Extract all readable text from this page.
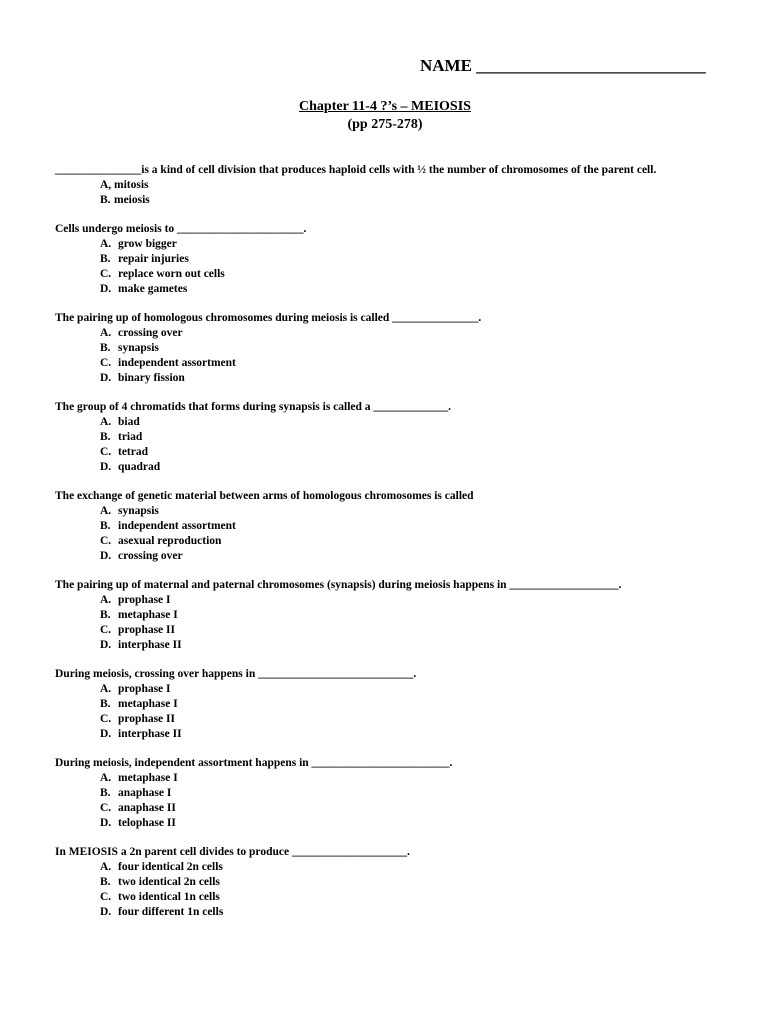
NAME ___________________________
Chapter 11-4 ?’s – MEIOSIS
(pp 275-278)
_______________is a kind of cell division that produces haploid cells with ½ the number of chromosomes of the parent cell.
A, mitosis
B. meiosis
Cells undergo meiosis to ______________________.
A. grow bigger
B. repair injuries
C. replace worn out cells
D. make gametes
The pairing up of homologous chromosomes during meiosis is called _______________.
A. crossing over
B. synapsis
C. independent assortment
D. binary fission
The group of 4 chromatids that forms during synapsis is called a _____________.
A. biad
B. triad
C. tetrad
D. quadrad
The exchange of genetic material between arms of homologous chromosomes is called
A. synapsis
B. independent assortment
C. asexual reproduction
D. crossing over
The pairing up of maternal and paternal chromosomes (synapsis) during meiosis happens in ___________________.
A. prophase I
B. metaphase I
C. prophase II
D. interphase II
During meiosis, crossing over happens in ___________________________.
A. prophase I
B. metaphase I
C. prophase II
D. interphase II
During meiosis, independent assortment happens in ________________________.
A. metaphase I
B. anaphase I
C. anaphase II
D. telophase II
In MEIOSIS a 2n parent cell divides to produce ____________________.
A. four identical 2n cells
B. two identical 2n cells
C. two identical 1n cells
D. four different 1n cells
